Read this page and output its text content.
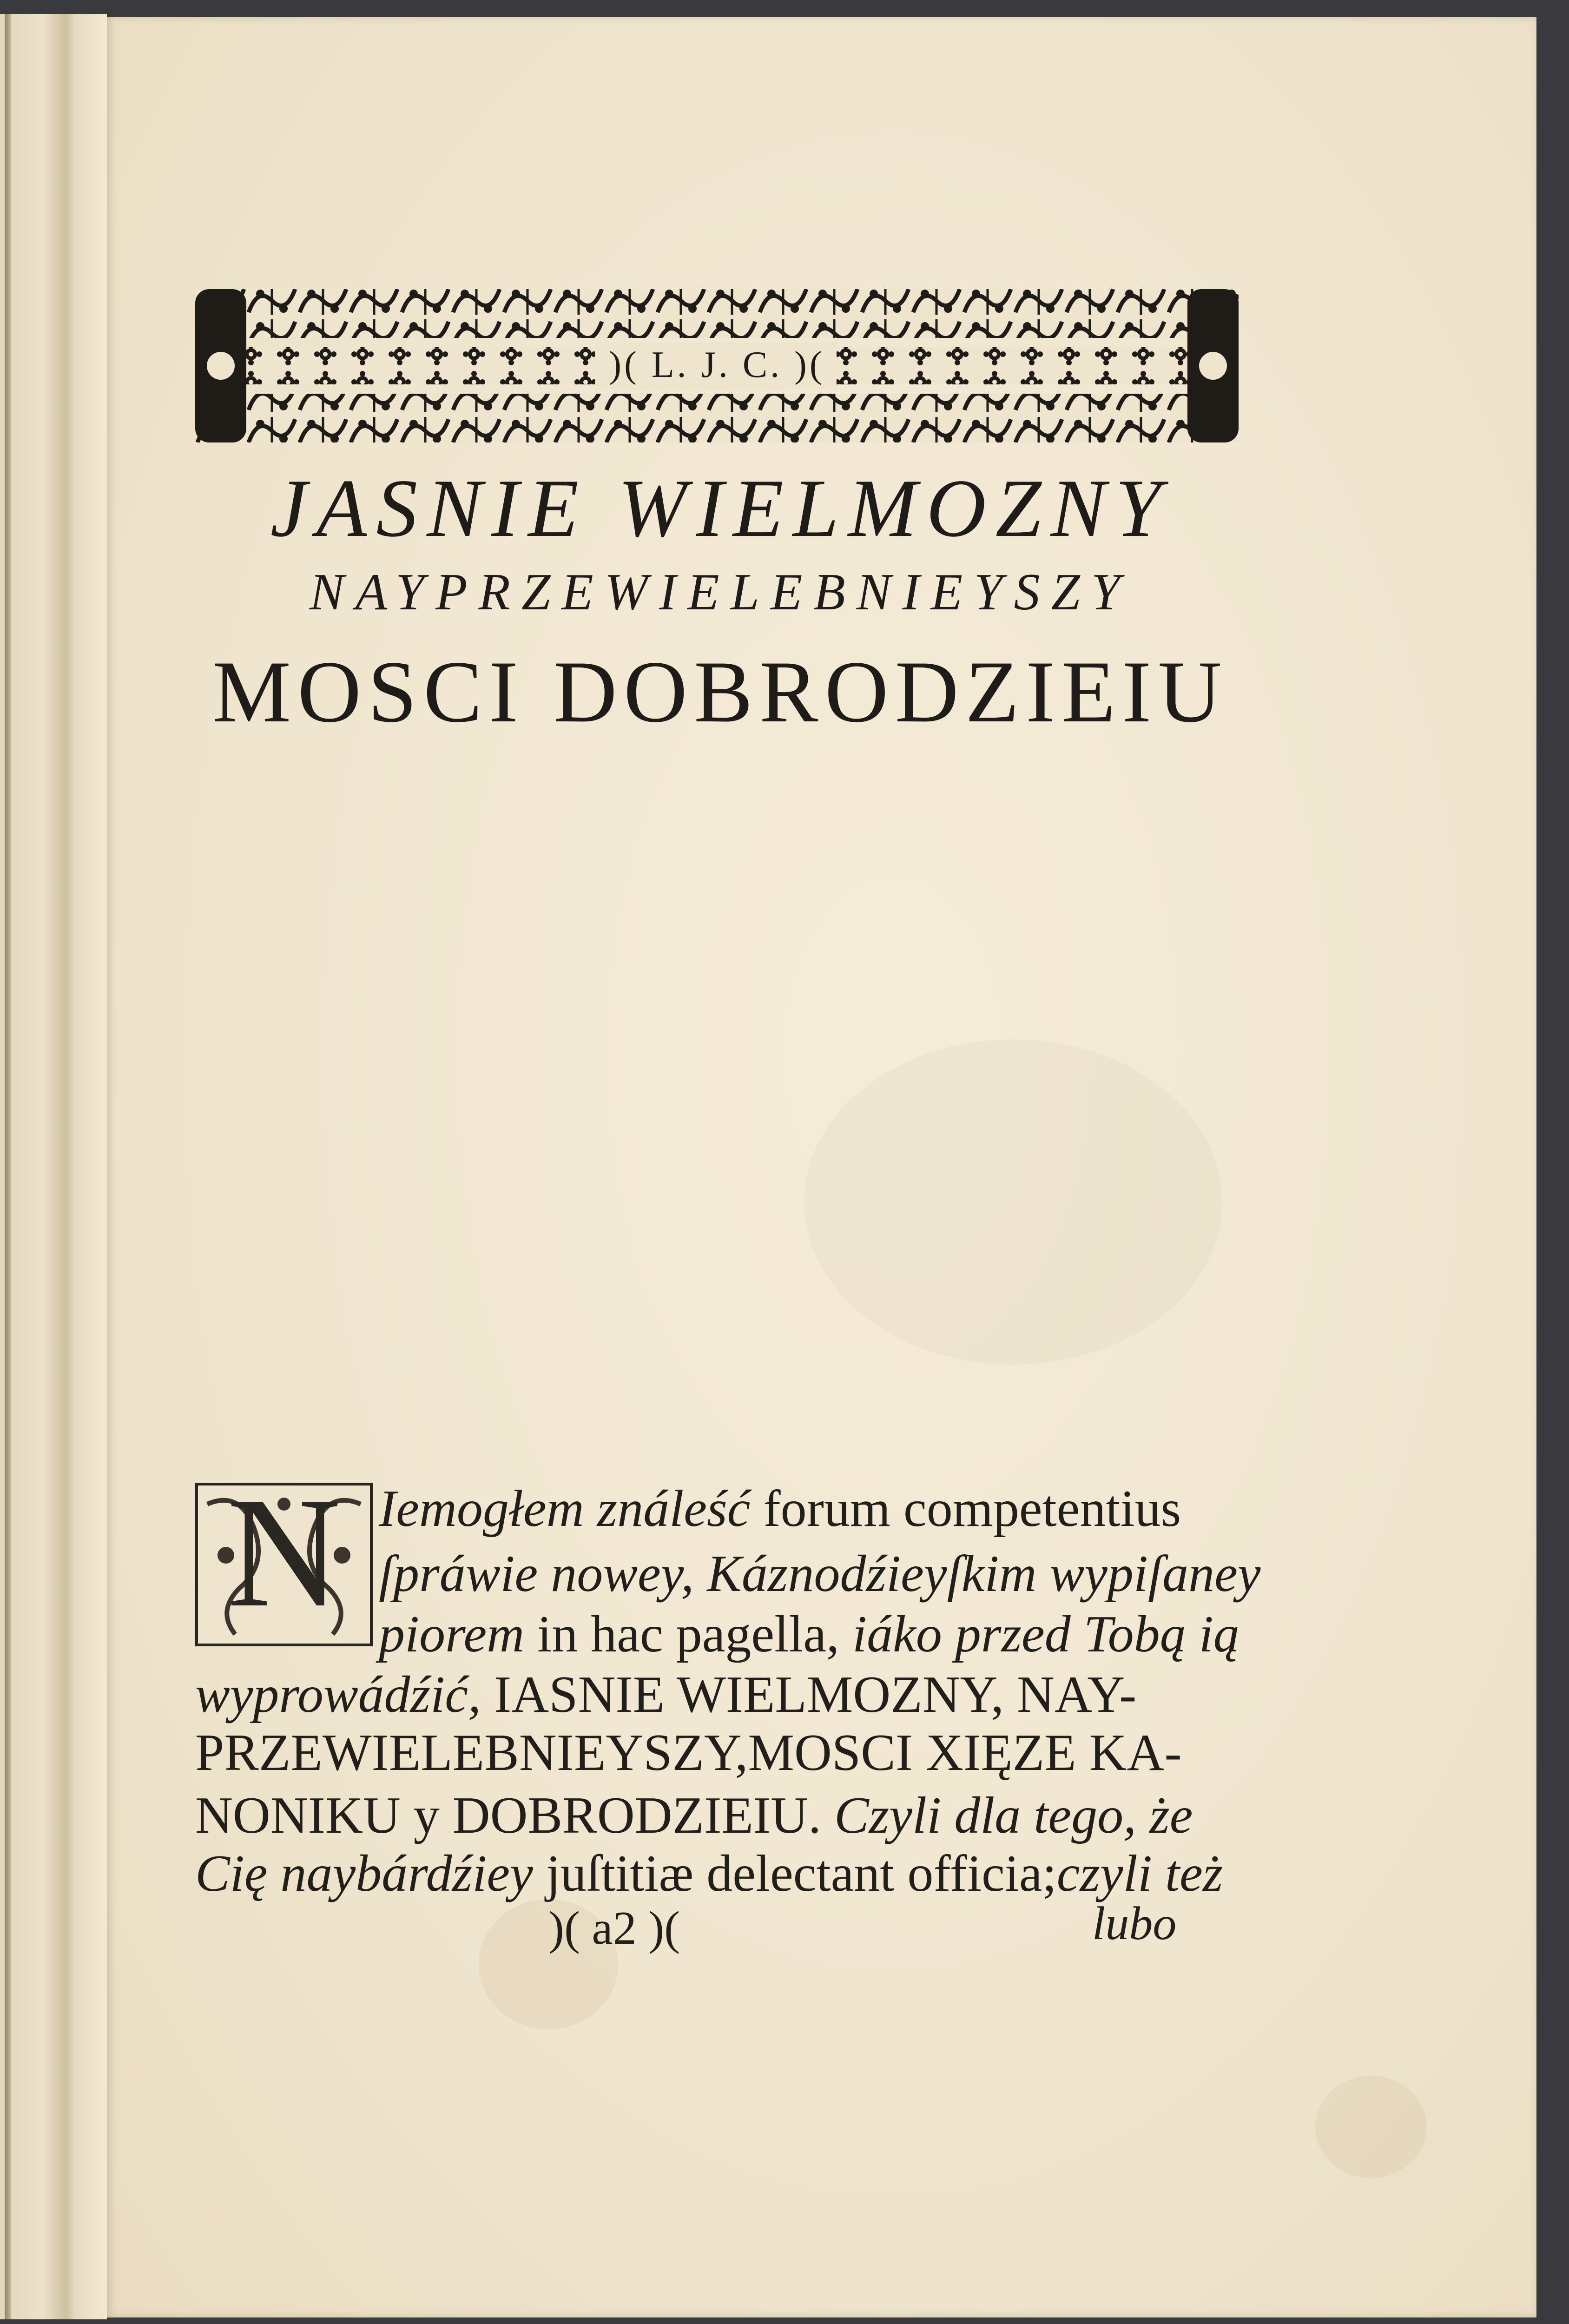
)( L. J. C. )(
JASNIE WIELMOZNY
NAYPRZEWIELEBNIEYSZY
MOSCI DOBRODZIEIU
N Iemogłem ználeść forum competentius
ſpráwie nowey, Káznodźieyſkim wypiſaney
piorem in hac pagella, iáko przed Tobą ią
wyprowádźić, IASNIE WIELMOZNY, NAY-
PRZEWIELEBNIEYSZY,MOSCI XIĘZE KA-
NONIKU y DOBRODZIEIU. Czyli dla tego, że
Cię naybárdźiey juſtitiæ delectant officia;czyli też
)( a2 )(	lubo
